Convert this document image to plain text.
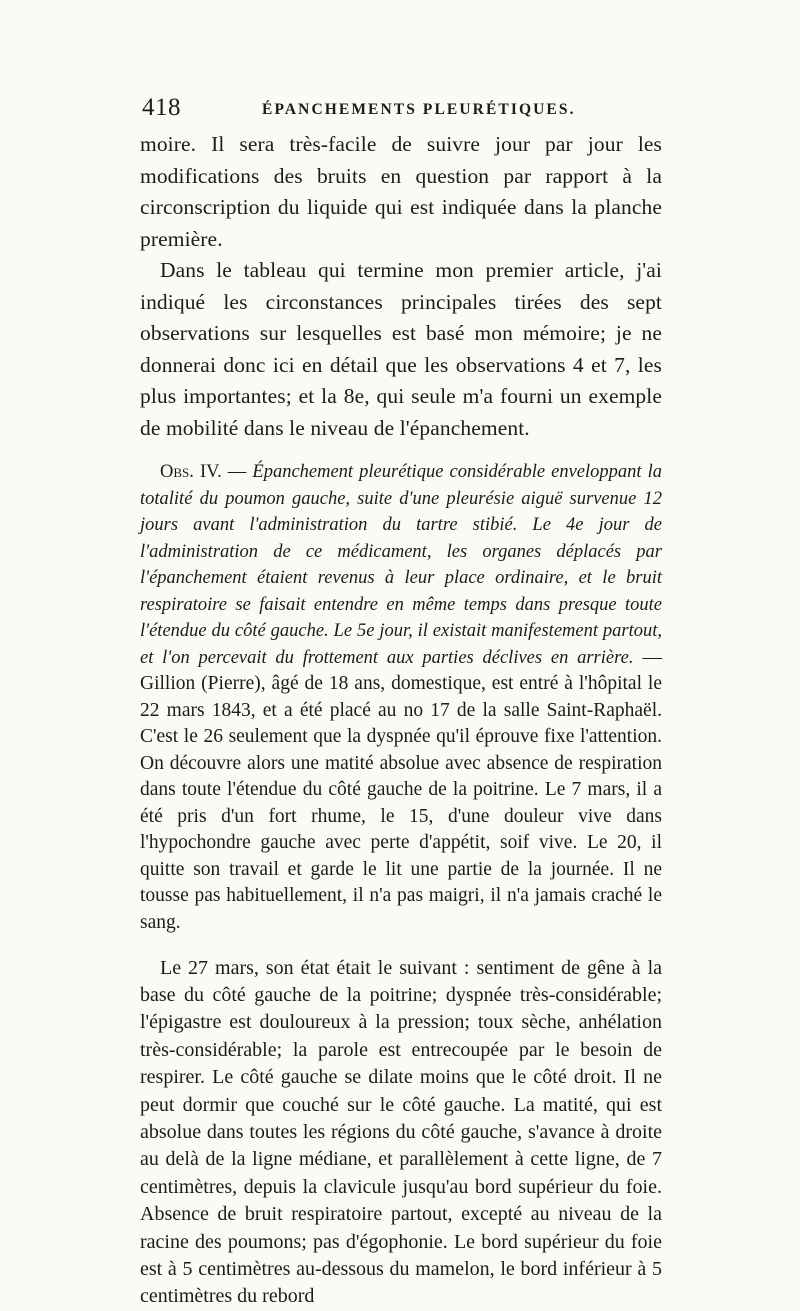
418	ÉPANCHEMENTS PLEURÉTIQUES.

moire. Il sera très-facile de suivre jour par jour les modifications des bruits en question par rapport à la circonscription du liquide qui est indiquée dans la planche première.

Dans le tableau qui termine mon premier article, j'ai indiqué les circonstances principales tirées des sept observations sur lesquelles est basé mon mémoire; je ne donnerai donc ici en détail que les observations 4 et 7, les plus importantes; et la 8e, qui seule m'a fourni un exemple de mobilité dans le niveau de l'épanchement.

Obs. IV. — Épanchement pleurétique considérable enveloppant la totalité du poumon gauche, suite d'une pleurésie aiguë survenue 12 jours avant l'administration du tartre stibié. Le 4e jour de l'administration de ce médicament, les organes déplacés par l'épanchement étaient revenus à leur place ordinaire, et le bruit respiratoire se faisait entendre en même temps dans presque toute l'étendue du côté gauche. Le 5e jour, il existait manifestement partout, et l'on percevait du frottement aux parties déclives en arrière. — Gillion (Pierre), âgé de 18 ans, domestique, est entré à l'hôpital le 22 mars 1843, et a été placé au no 17 de la salle Saint-Raphaël. C'est le 26 seulement que la dyspnée qu'il éprouve fixe l'attention. On découvre alors une matité absolue avec absence de respiration dans toute l'étendue du côté gauche de la poitrine. Le 7 mars, il a été pris d'un fort rhume, le 15, d'une douleur vive dans l'hypochondre gauche avec perte d'appétit, soif vive. Le 20, il quitte son travail et garde le lit une partie de la journée. Il ne tousse pas habituellement, il n'a pas maigri, il n'a jamais craché le sang.

Le 27 mars, son état était le suivant : sentiment de gêne à la base du côté gauche de la poitrine; dyspnée très-considérable; l'épigastre est douloureux à la pression; toux sèche, anhélation très-considérable; la parole est entrecoupée par le besoin de respirer. Le côté gauche se dilate moins que le côté droit. Il ne peut dormir que couché sur le côté gauche. La matité, qui est absolue dans toutes les régions du côté gauche, s'avance à droite au delà de la ligne médiane, et parallèlement à cette ligne, de 7 centimètres, depuis la clavicule jusqu'au bord supérieur du foie. Absence de bruit respiratoire partout, excepté au niveau de la racine des poumons; pas d'égophonie. Le bord supérieur du foie est à 5 centimètres au-dessous du mamelon, le bord inférieur à 5 centimètres du rebord
